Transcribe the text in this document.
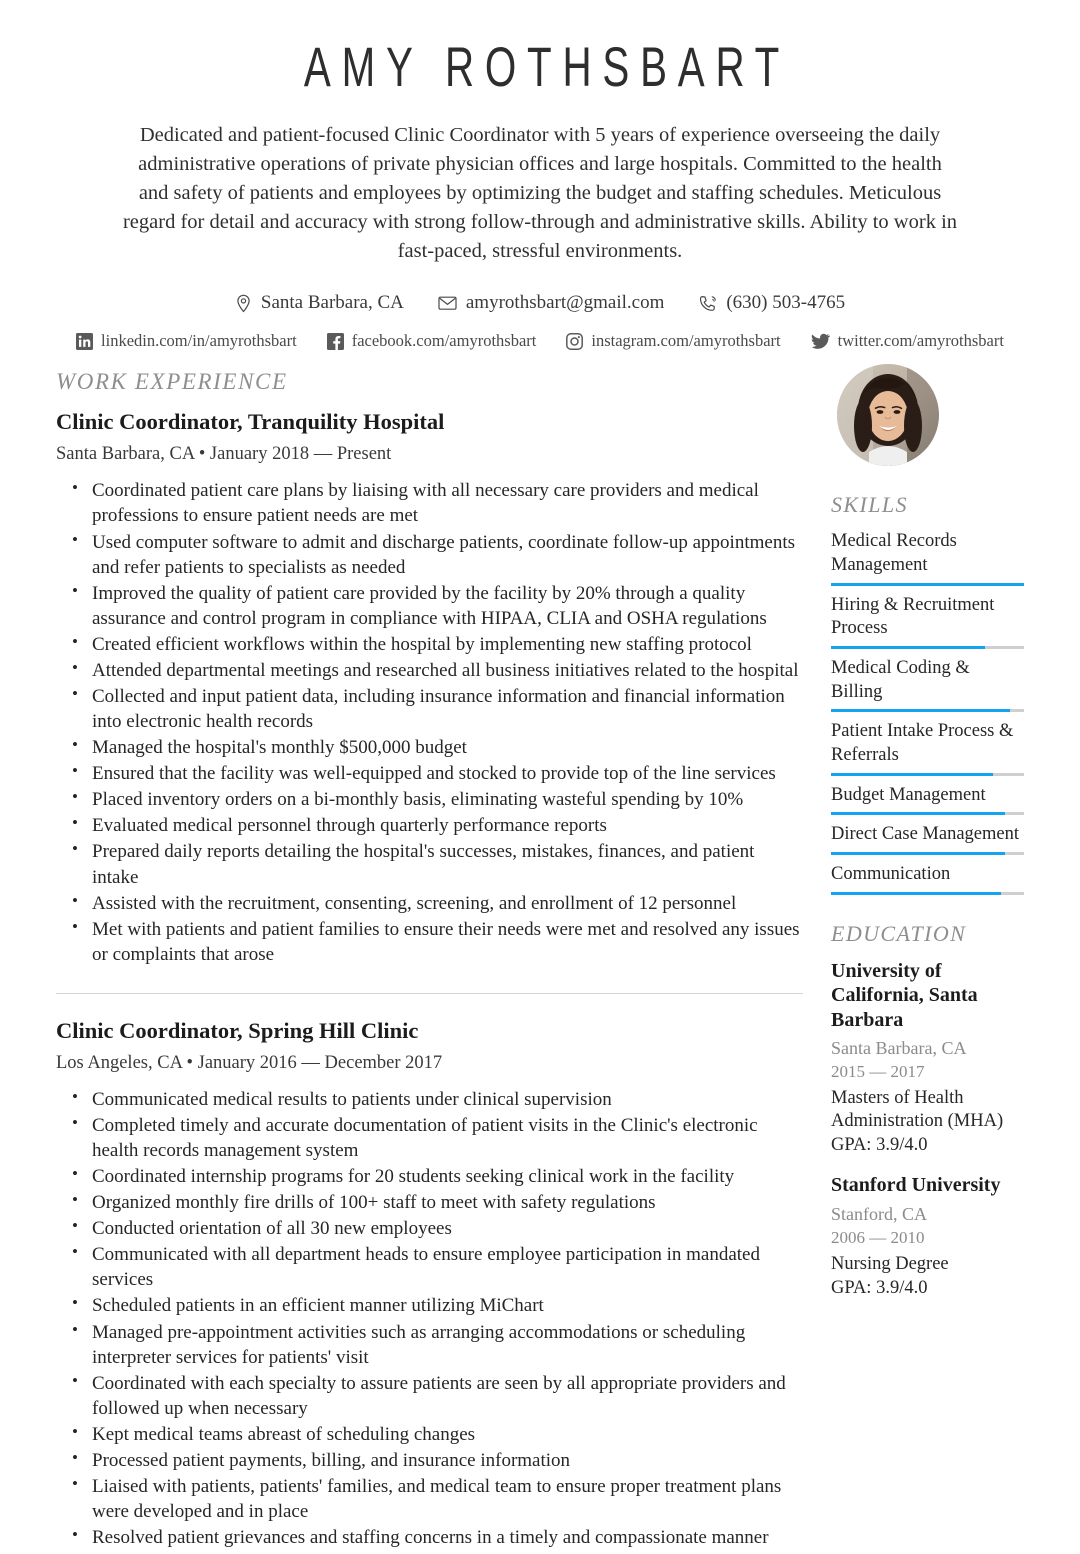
AMY ROTHSBART

Dedicated and patient-focused Clinic Coordinator with 5 years of experience overseeing the daily administrative operations of private physician offices and large hospitals. Committed to the health and safety of patients and employees by optimizing the budget and staffing schedules. Meticulous regard for detail and accuracy with strong follow-through and administrative skills. Ability to work in fast-paced, stressful environments.

Santa Barbara, CA	amyrothsbart@gmail.com	(630) 503-4765
linkedin.com/in/amyrothsbart	facebook.com/amyrothsbart	instagram.com/amyrothsbart	twitter.com/amyrothsbart
WORK EXPERIENCE
Clinic Coordinator, Tranquility Hospital
Santa Barbara, CA • January 2018 — Present
• Coordinated patient care plans by liaising with all necessary care providers and medical professions to ensure patient needs are met
• Used computer software to admit and discharge patients, coordinate follow-up appointments and refer patients to specialists as needed
• Improved the quality of patient care provided by the facility by 20% through a quality assurance and control program in compliance with HIPAA, CLIA and OSHA regulations
• Created efficient workflows within the hospital by implementing new staffing protocol
• Attended departmental meetings and researched all business initiatives related to the hospital
• Collected and input patient data, including insurance information and financial information into electronic health records
• Managed the hospital's monthly $500,000 budget
• Ensured that the facility was well-equipped and stocked to provide top of the line services
• Placed inventory orders on a bi-monthly basis, eliminating wasteful spending by 10%
• Evaluated medical personnel through quarterly performance reports
• Prepared daily reports detailing the hospital's successes, mistakes, finances, and patient intake
• Assisted with the recruitment, consenting, screening, and enrollment of 12 personnel
• Met with patients and patient families to ensure their needs were met and resolved any issues or complaints that arose
Clinic Coordinator, Spring Hill Clinic
Los Angeles, CA • January 2016 — December 2017
• Communicated medical results to patients under clinical supervision
• Completed timely and accurate documentation of patient visits in the Clinic's electronic health records management system
• Coordinated internship programs for 20 students seeking clinical work in the facility
• Organized monthly fire drills of 100+ staff to meet with safety regulations
• Conducted orientation of all 30 new employees
• Communicated with all department heads to ensure employee participation in mandated services
• Scheduled patients in an efficient manner utilizing MiChart
• Managed pre-appointment activities such as arranging accommodations or scheduling interpreter services for patients' visit
• Coordinated with each specialty to assure patients are seen by all appropriate providers and followed up when necessary
• Kept medical teams abreast of scheduling changes
• Processed patient payments, billing, and insurance information
• Liaised with patients, patients' families, and medical team to ensure proper treatment plans were developed and in place
• Resolved patient grievances and staffing concerns in a timely and compassionate manner
SKILLS
Medical Records Management
Hiring & Recruitment Process
Medical Coding & Billing
Patient Intake Process & Referrals
Budget Management
Direct Case Management
Communication
EDUCATION
University of California, Santa Barbara
Santa Barbara, CA
2015 — 2017
Masters of Health Administration (MHA)
GPA: 3.9/4.0
Stanford University
Stanford, CA
2006 — 2010
Nursing Degree
GPA: 3.9/4.0
